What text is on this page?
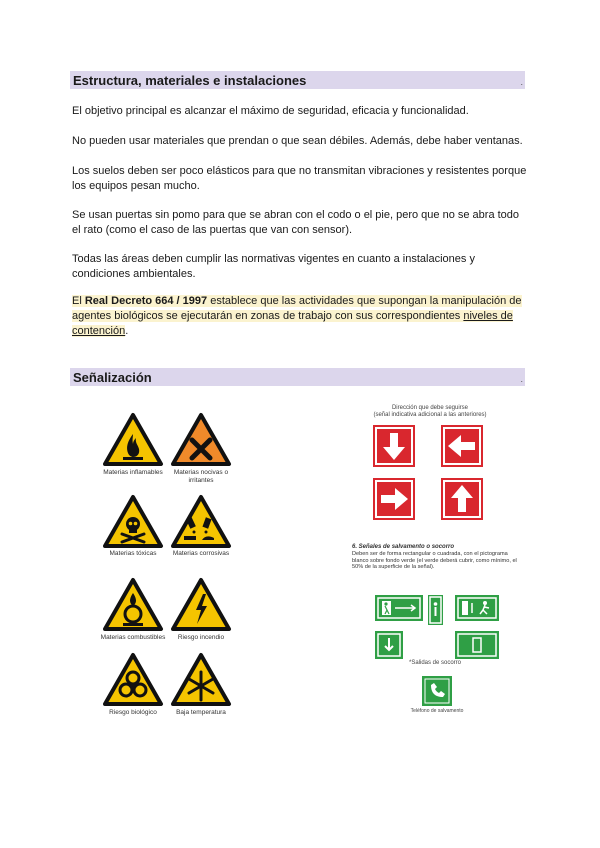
Estructura, materiales e instalaciones	.
El objetivo principal es alcanzar el máximo de seguridad, eficacia y funcionalidad.
No pueden usar materiales que prendan o que sean débiles. Además, debe haber ventanas.
Los suelos deben ser poco elásticos para que no transmitan vibraciones y resistentes porque los equipos pesan mucho.
Se usan puertas sin pomo para que se abran con el codo o el pie, pero que no se abra todo el rato (como el caso de las puertas que van con sensor).
Todas las áreas deben cumplir las normativas vigentes en cuanto a instalaciones y condiciones ambientales.
El Real Decreto 664 / 1997 establece que las actividades que supongan la manipulación de agentes biológicos se ejecutarán en zonas de trabajo con sus correspondientes niveles de contención.
Señalización	.
Materias inflamables	Materias nocivas o irritantes
Materias tóxicas	Materias corrosivas
Materias combustibles	Riesgo incendio
Riesgo biológico	Baja temperatura
Dirección que debe seguirse
(señal indicativa adicional a las anteriores)
6. Señales de salvamento o socorro
Deben ser de forma rectangular o cuadrada, con el pictograma blanco sobre fondo verde (el verde deberá cubrir, como mínimo, el 50% de la superficie de la señal).
*Salidas de socorro
Teléfono de salvamento
